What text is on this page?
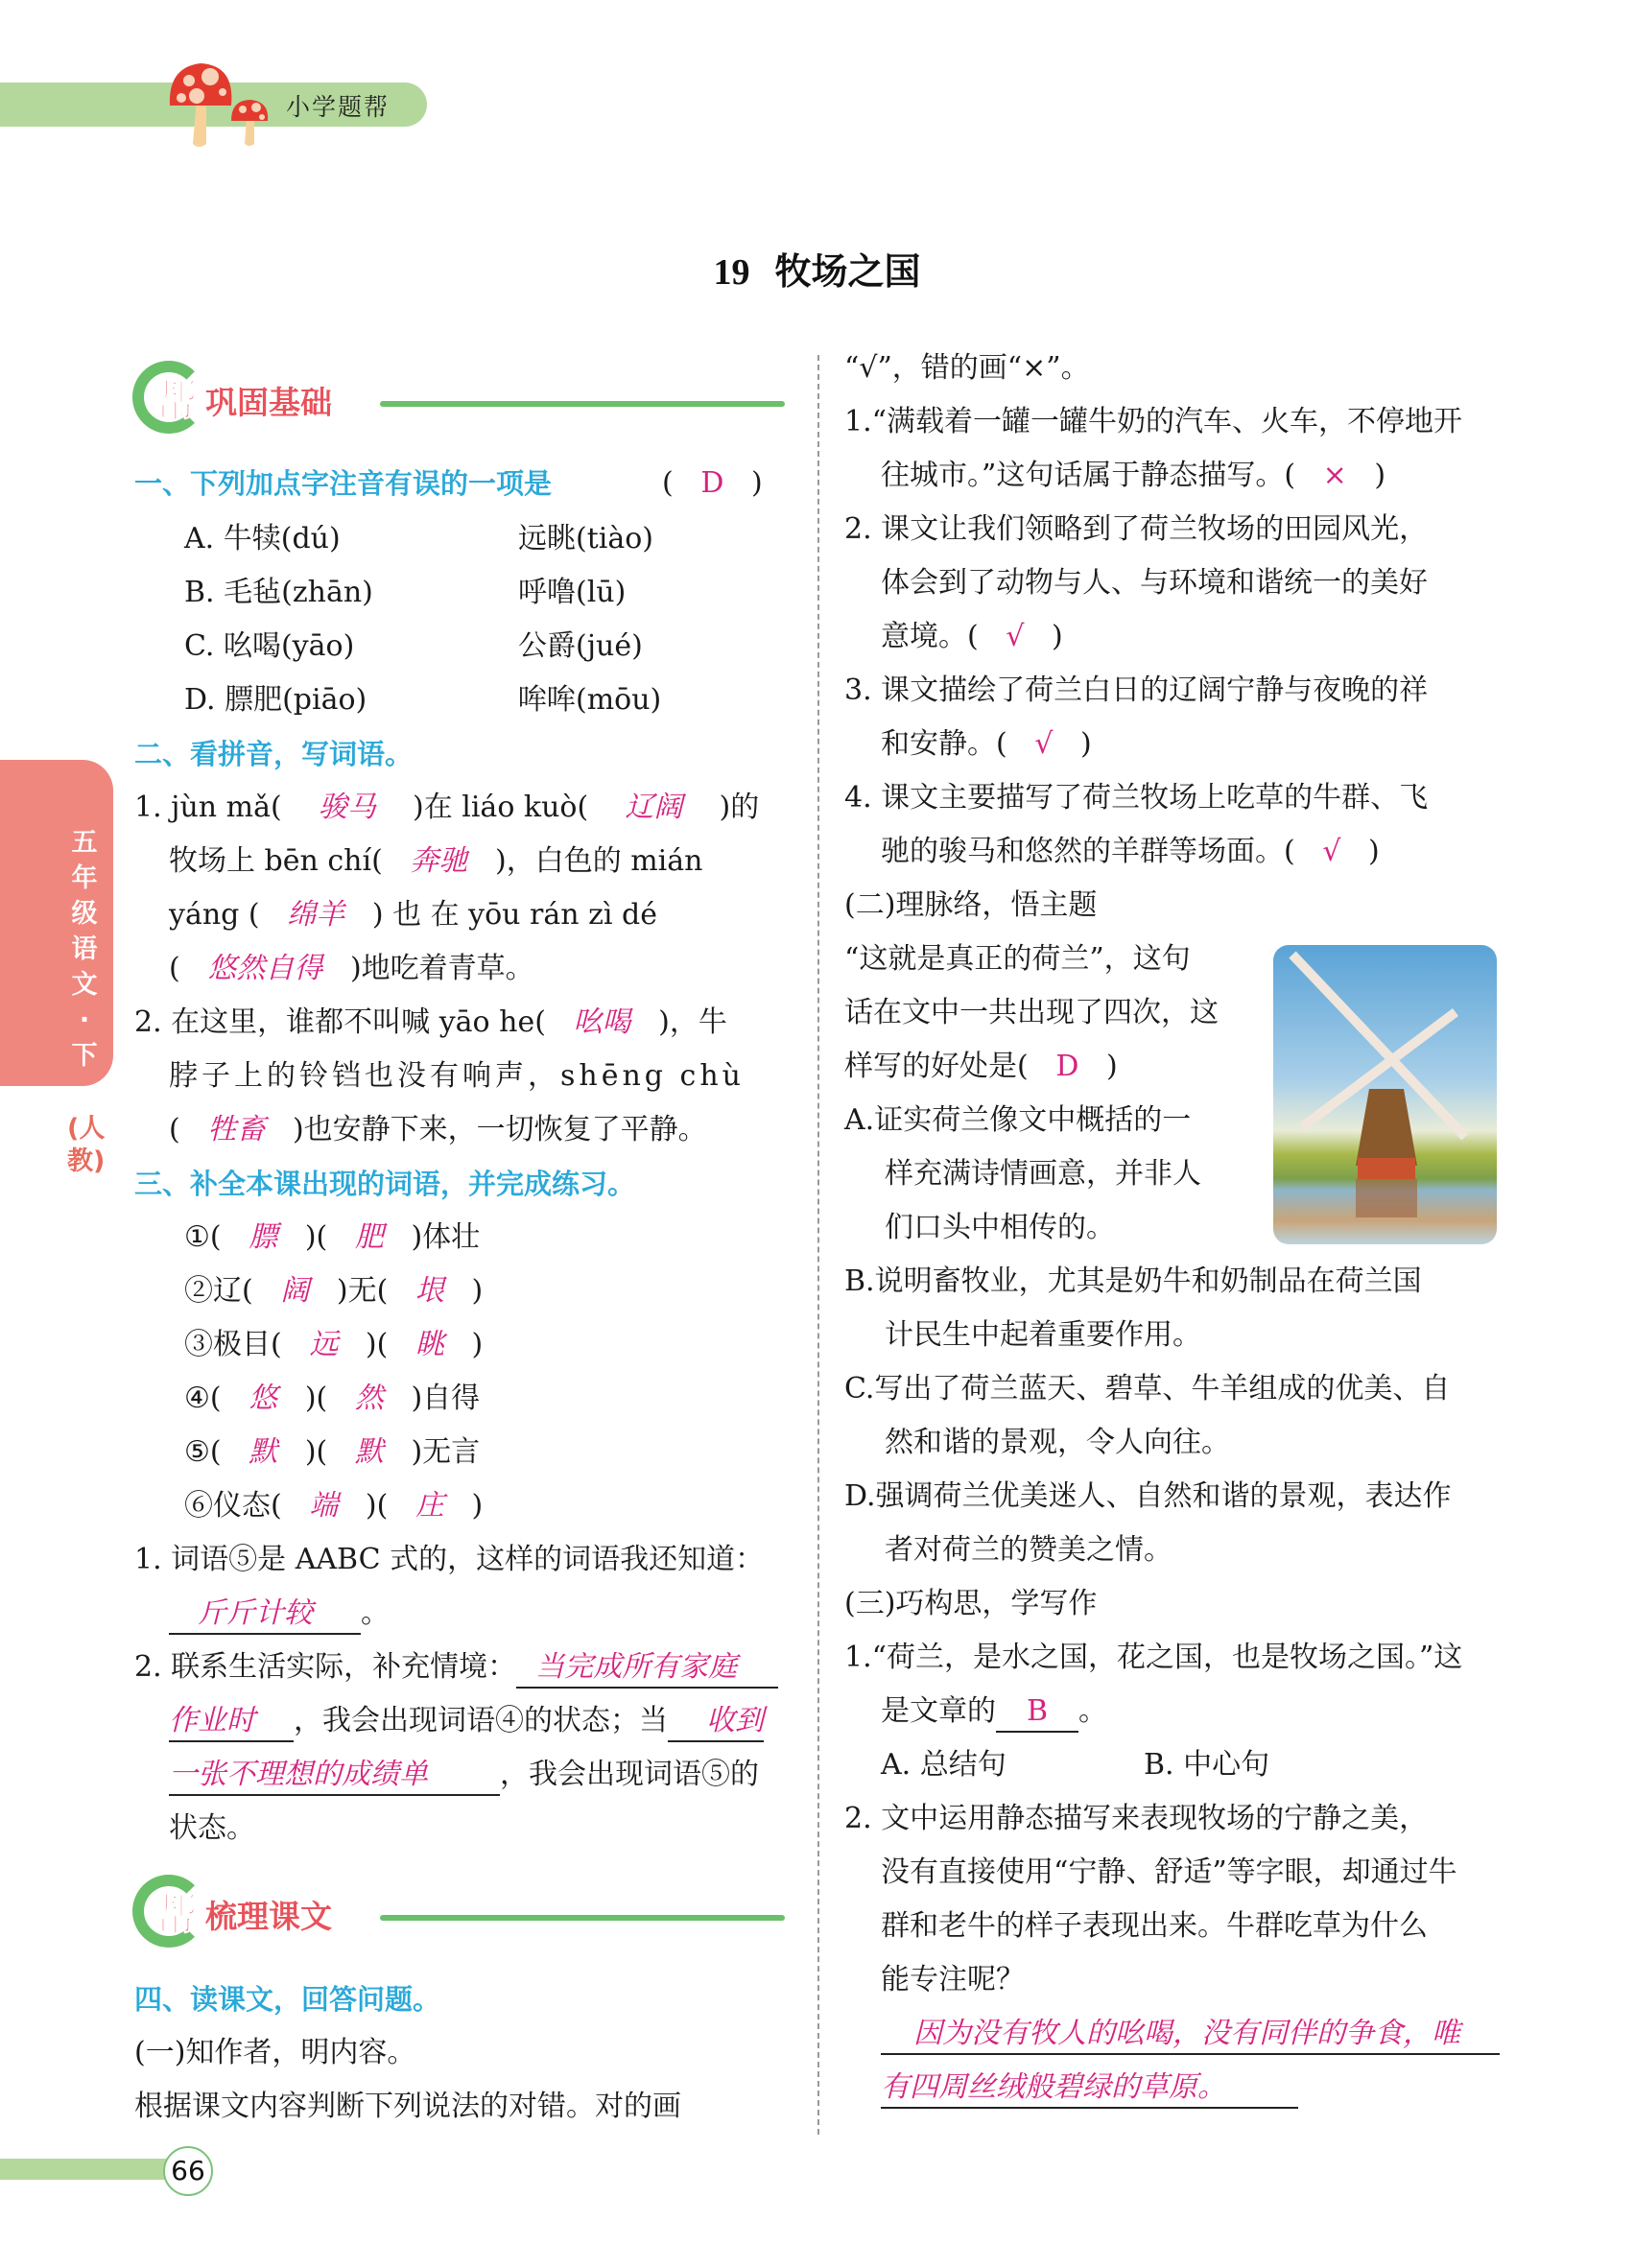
小学题帮
19 牧场之国
五年级语文·下
(人教)
帮 巩固基础
一、下列加点字注音有误的一项是	(   D   )
A. 牛犊(dú)	远眺(tiào)
B. 毛毡(zhān)	呼噜(lū)
C. 吆喝(yāo)	公爵(jué)
D. 膘肥(piāo)	哞哞(mōu)
二、看拼音，写词语。
1. jùn mǎ( 骏马 )在 liáo kuò( 辽阔 )的
牧场上 bēn chí( 奔驰 )，白色的 mián
yáng ( 绵羊 ) 也 在 yōu rán zì dé
( 悠然自得 )地吃着青草。
2. 在这里，谁都不叫喊 yāo he( 吆喝 )，牛
脖子上的铃铛也没有响声，shēng chù
( 牲畜 )也安静下来，一切恢复了平静。
三、补全本课出现的词语，并完成练习。
①(   膘   )(   肥   )体壮
②辽(   阔   )无(   垠   )
③极目(   远   )(   眺   )
④(   悠   )(   然   )自得
⑤(   默   )(   默   )无言
⑥仪态(   端   )(   庄   )
1. 词语⑤是 AABC 式的，这样的词语我还知道：
斤斤计较 。
2. 联系生活实际，补充情境： 当完成所有家庭
作业时 ，我会出现词语④的状态；当 收到
一张不理想的成绩单	，我会出现词语⑤的
状态。
帮 梳理课文
四、读课文，回答问题。
(一)知作者，明内容。
根据课文内容判断下列说法的对错。对的画
“√”，错的画“×”。
1.“满载着一罐一罐牛奶的汽车、火车，不停地开
往城市。”这句话属于静态描写。( ×   )
2. 课文让我们领略到了荷兰牧场的田园风光，
体会到了动物与人、与环境和谐统一的美好
意境。( √   )
3. 课文描绘了荷兰白日的辽阔宁静与夜晚的祥
和安静。( √   )
4. 课文主要描写了荷兰牧场上吃草的牛群、飞
驰的骏马和悠然的羊群等场面。( √   )
(二)理脉络，悟主题
“这就是真正的荷兰”，这句
话在文中一共出现了四次，这
样写的好处是( D   )
A.证实荷兰像文中概括的一
样充满诗情画意，并非人
们口头中相传的。
B.说明畜牧业，尤其是奶牛和奶制品在荷兰国
计民生中起着重要作用。
C.写出了荷兰蓝天、碧草、牛羊组成的优美、自
然和谐的景观，令人向往。
D.强调荷兰优美迷人、自然和谐的景观，表达作
者对荷兰的赞美之情。
(三)巧构思，学写作
1.“荷兰，是水之国，花之国，也是牧场之国。”这
是文章的 B 。
A. 总结句	B. 中心句
2. 文中运用静态描写来表现牧场的宁静之美，
没有直接使用“宁静、舒适”等字眼，却通过牛
群和老牛的样子表现出来。牛群吃草为什么
能专注呢？
因为没有牧人的吆喝，没有同伴的争食，唯
有四周丝绒般碧绿的草原。
66
